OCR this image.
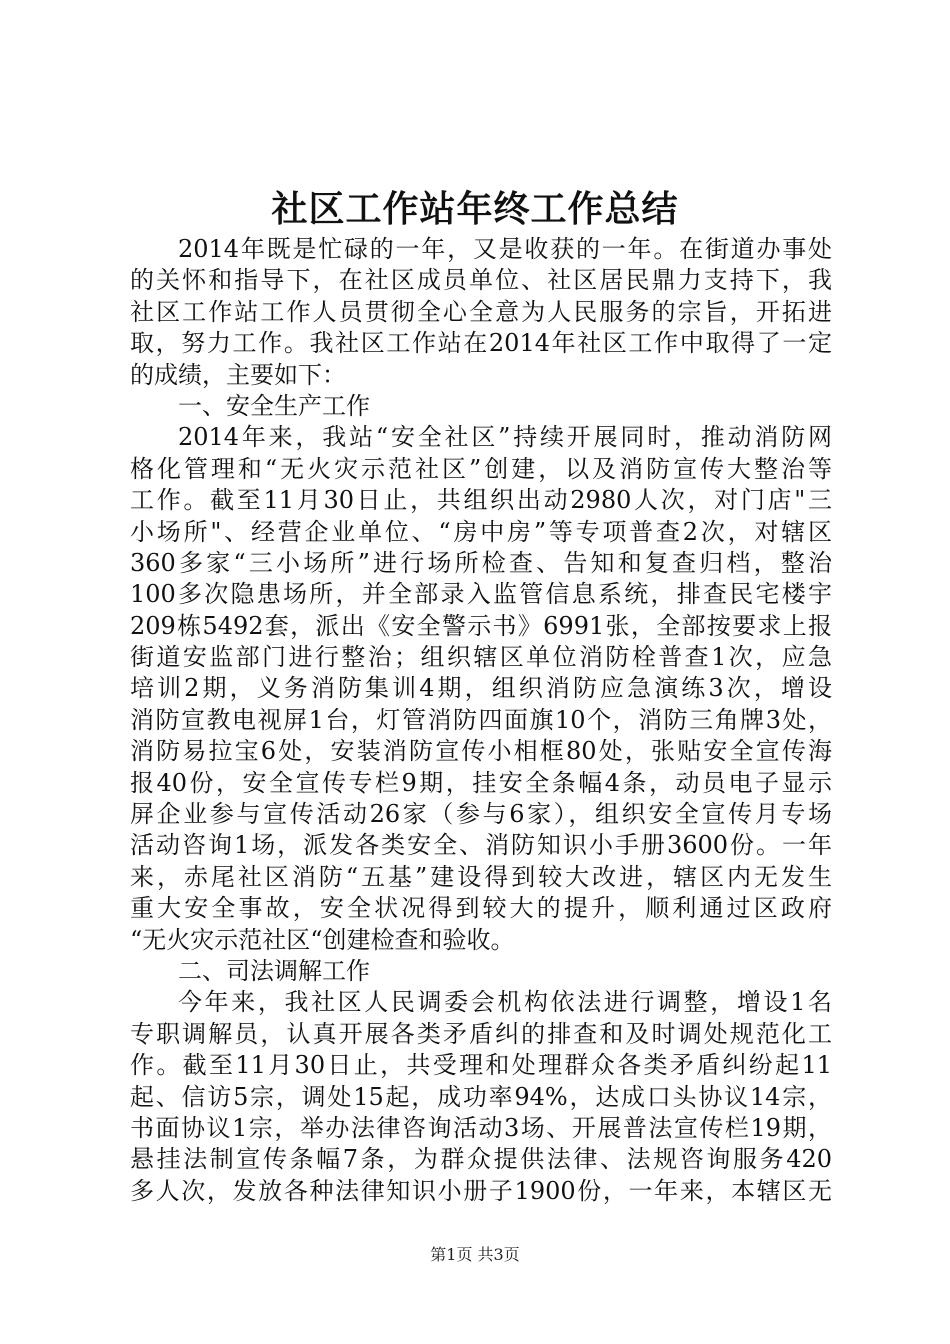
社区工作站年终工作总结
2014年既是忙碌的一年，又是收获的一年。在街道办事处
的关怀和指导下，在社区成员单位、社区居民鼎力支持下，我
社区工作站工作人员贯彻全心全意为人民服务的宗旨，开拓进
取，努力工作。我社区工作站在2014年社区工作中取得了一定
的成绩，主要如下：
一、安全生产工作
2014年来，我站“安全社区”持续开展同时，推动消防网
格化管理和“无火灾示范社区”创建，以及消防宣传大整治等
工作。截至11月30日止，共组织出动2980人次，对门店"三
小场所"、经营企业单位、“房中房”等专项普查2次，对辖区
360多家“三小场所”进行场所检查、告知和复查归档，整治
100多次隐患场所，并全部录入监管信息系统，排查民宅楼宇
209栋5492套，派出《安全警示书》6991张，全部按要求上报
街道安监部门进行整治；组织辖区单位消防栓普查1次，应急
培训2期，义务消防集训4期，组织消防应急演练3次，增设
消防宣教电视屏1台，灯管消防四面旗10个，消防三角牌3处，
消防易拉宝6处，安装消防宣传小相框80处，张贴安全宣传海
报40份，安全宣传专栏9期，挂安全条幅4条，动员电子显示
屏企业参与宣传活动26家（参与6家），组织安全宣传月专场
活动咨询1场，派发各类安全、消防知识小手册3600份。一年
来，赤尾社区消防“五基”建设得到较大改进，辖区内无发生
重大安全事故，安全状况得到较大的提升，顺利通过区政府
“无火灾示范社区“创建检查和验收。
二、司法调解工作
今年来，我社区人民调委会机构依法进行调整，增设1名
专职调解员，认真开展各类矛盾纠的排查和及时调处规范化工
作。截至11月30日止，共受理和处理群众各类矛盾纠纷起11
起、信访5宗，调处15起，成功率94%，达成口头协议14宗，
书面协议1宗，举办法律咨询活动3场、开展普法宣传栏19期，
悬挂法制宣传条幅7条，为群众提供法律、法规咨询服务420
多人次，发放各种法律知识小册子1900份，一年来，本辖区无
第1页 共3页
